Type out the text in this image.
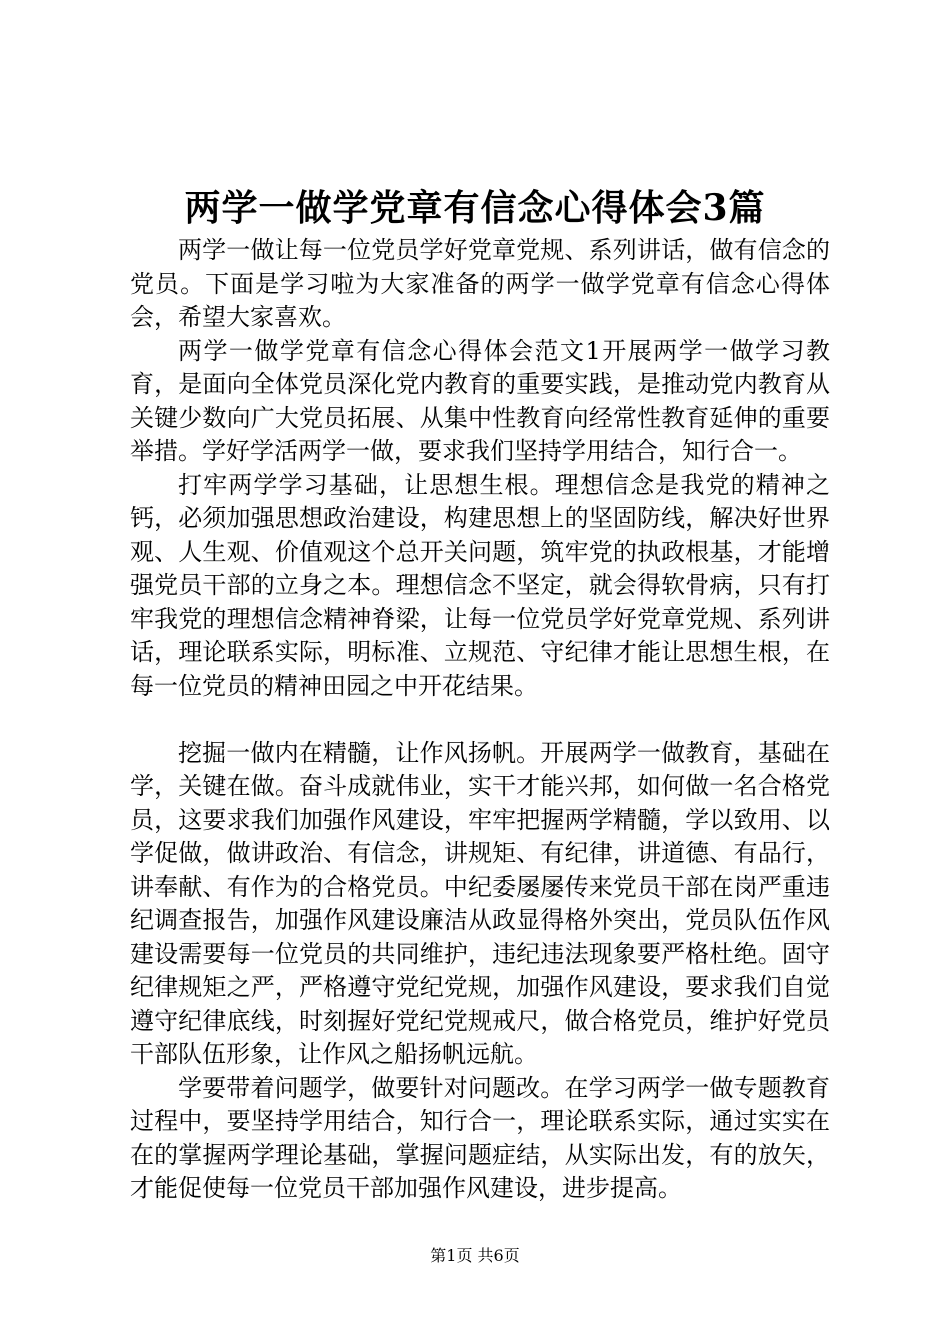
两学一做学党章有信念心得体会3篇

两学一做让每一位党员学好党章党规、系列讲话，做有信念的党员。下面是学习啦为大家准备的两学一做学党章有信念心得体会，希望大家喜欢。

两学一做学党章有信念心得体会范文1开展两学一做学习教育，是面向全体党员深化党内教育的重要实践，是推动党内教育从关键少数向广大党员拓展、从集中性教育向经常性教育延伸的重要举措。学好学活两学一做，要求我们坚持学用结合，知行合一。

打牢两学学习基础，让思想生根。理想信念是我党的精神之钙，必须加强思想政治建设，构建思想上的坚固防线，解决好世界观、人生观、价值观这个总开关问题，筑牢党的执政根基，才能增强党员干部的立身之本。理想信念不坚定，就会得软骨病，只有打牢我党的理想信念精神脊梁，让每一位党员学好党章党规、系列讲话，理论联系实际，明标准、立规范、守纪律才能让思想生根，在每一位党员的精神田园之中开花结果。

挖掘一做内在精髓，让作风扬帆。开展两学一做教育，基础在学，关键在做。奋斗成就伟业，实干才能兴邦，如何做一名合格党员，这要求我们加强作风建设，牢牢把握两学精髓，学以致用、以学促做，做讲政治、有信念，讲规矩、有纪律，讲道德、有品行，讲奉献、有作为的合格党员。中纪委屡屡传来党员干部在岗严重违纪调查报告，加强作风建设廉洁从政显得格外突出，党员队伍作风建设需要每一位党员的共同维护，违纪违法现象要严格杜绝。固守纪律规矩之严，严格遵守党纪党规，加强作风建设，要求我们自觉遵守纪律底线，时刻握好党纪党规戒尺，做合格党员，维护好党员干部队伍形象，让作风之船扬帆远航。

学要带着问题学，做要针对问题改。在学习两学一做专题教育过程中，要坚持学用结合，知行合一，理论联系实际，通过实实在在的掌握两学理论基础，掌握问题症结，从实际出发，有的放矢，才能促使每一位党员干部加强作风建设，进步提高。

第1页 共6页
